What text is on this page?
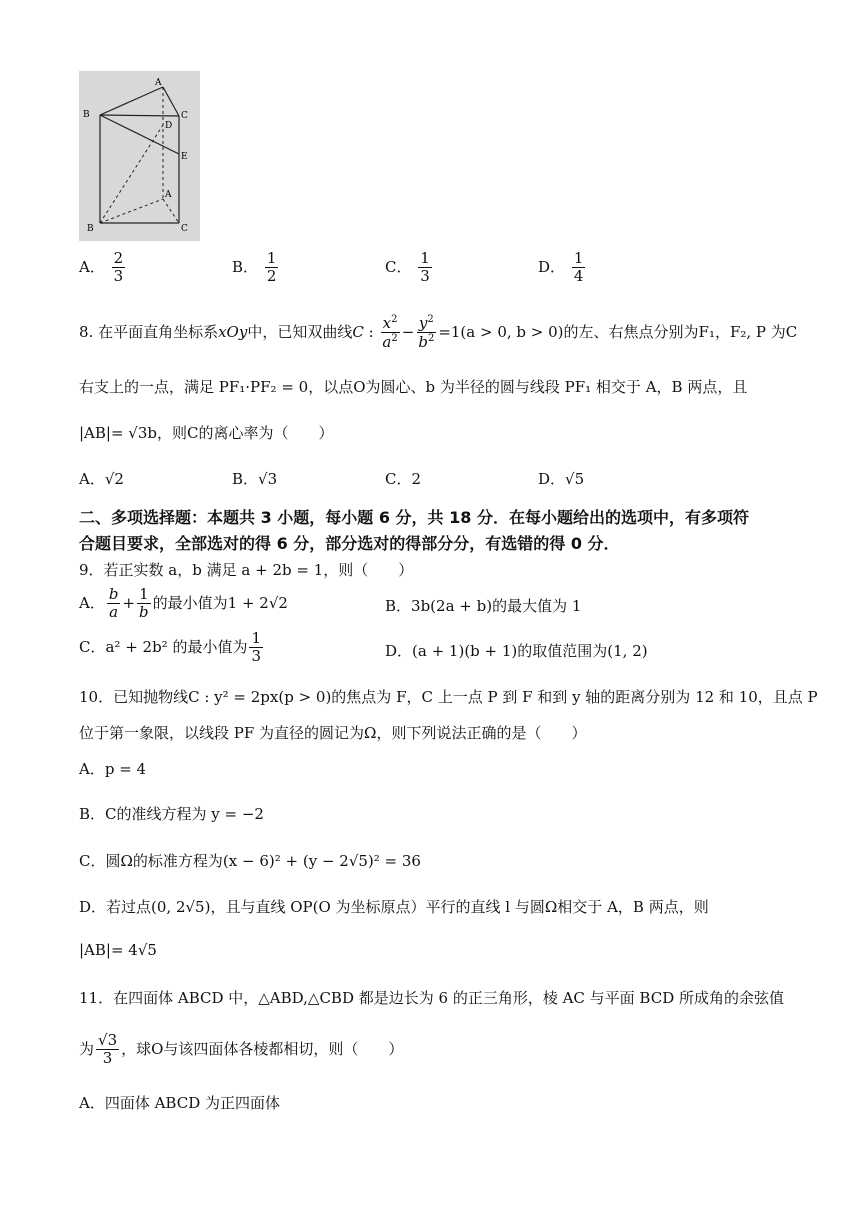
A
B	C
D
E
A
B	C
A． $\frac{2}{3}$	B． $\frac{1}{2}$	C． $\frac{1}{3}$	D． $\frac{1}{4}$
8. 在平面直角坐标系xOy中，已知双曲线C : $\frac{x^2}{a^2} - \frac{y^2}{b^2} =1(a > 0$, b > 0)的左、右焦点分别为F₁，F₂, P 为C
右支上的一点，满足 PF₁·PF₂ = 0，以点O为圆心、b 为半径的圆与线段 PF₁ 相交于 A，B 两点，且
|AB|= √3b，则C的离心率为（　　）
A．√2	B．√3	C．2	D．√5
二、多项选择题：本题共 3 小题，每小题 6 分，共 18 分．在每小题给出的选项中，有多项符
合题目要求，全部选对的得 6 分，部分选对的得部分分，有选错的得 0 分．
9．若正实数 a，b 满足 a + 2b = 1，则（　　）
A． $\frac{b}{a} + \frac{1}{b}$ 的最小值为1 + 2√2	B．3b(2a + b)的最大值为 1
C．a² + 2b² 的最小值为 $\frac{1}{3}$	D．(a + 1)(b + 1)的取值范围为(1, 2)
10．已知抛物线C : y² = 2px(p > 0)的焦点为 F，C 上一点 P 到 F 和到 y 轴的距离分别为 12 和 10，且点 P
位于第一象限，以线段 PF 为直径的圆记为Ω，则下列说法正确的是（　　）
A．p = 4
B．C的准线方程为 y = −2
C．圆Ω的标准方程为(x − 6)² + (y − 2√5)² = 36
D．若过点(0, 2√5)，且与直线 OP(O 为坐标原点）平行的直线 l 与圆Ω相交于 A，B 两点，则
|AB|= 4√5
11．在四面体 ABCD 中，△ABD,△CBD 都是边长为 6 的正三角形，棱 AC 与平面 BCD 所成角的余弦值
为 $\frac{√3}{3}$ ，球O与该四面体各棱都相切，则（　　）
A．四面体 ABCD 为正四面体
